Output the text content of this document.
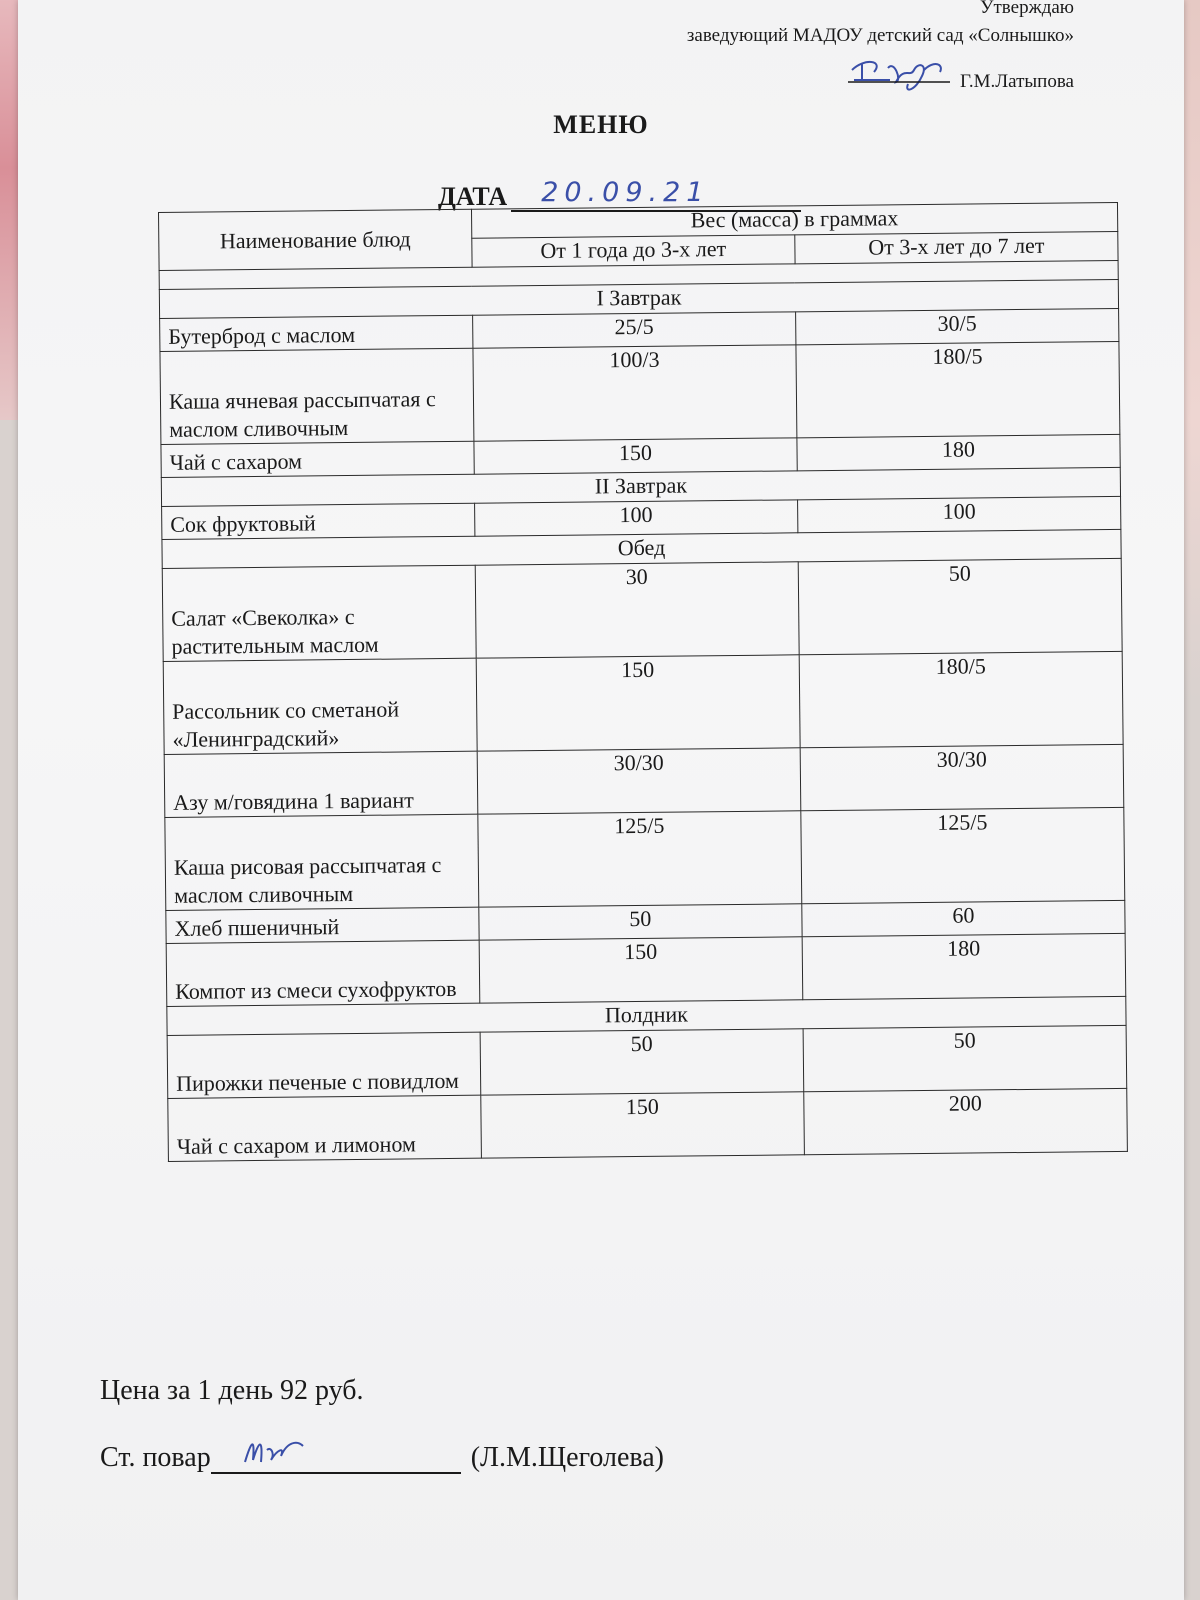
Утверждаю
заведующий МАДОУ детский сад «Солнышко»
Г.М.Латыпова
МЕНЮ
ДАТА 20.09.21
Наименование блюд	Вес (масса) в граммах	
	От 1 года до 3-х лет	От 3-х лет до 7 лет

I Завтрак		
Бутерброд с маслом	25/5	30/5
Каша ячневая рассыпчатая с маслом сливочным	100/3	180/5
Чай с сахаром	150	180
II Завтрак		
Сок фруктовый	100	100
Обед		
Салат «Свеколка» с растительным маслом	30	50
Рассольник со сметаной «Ленинградский»	150	180/5
Азу м/говядина 1 вариант	30/30	30/30
Каша рисовая рассыпчатая с маслом сливочным	125/5	125/5
Хлеб пшеничный	50	60
Компот из смеси сухофруктов	150	180
Полдник		
Пирожки печеные с повидлом	50	50
Чай с сахаром и лимоном	150	200
Цена за 1 день 92 руб.
Ст. повар	(Л.М.Щеголева)
